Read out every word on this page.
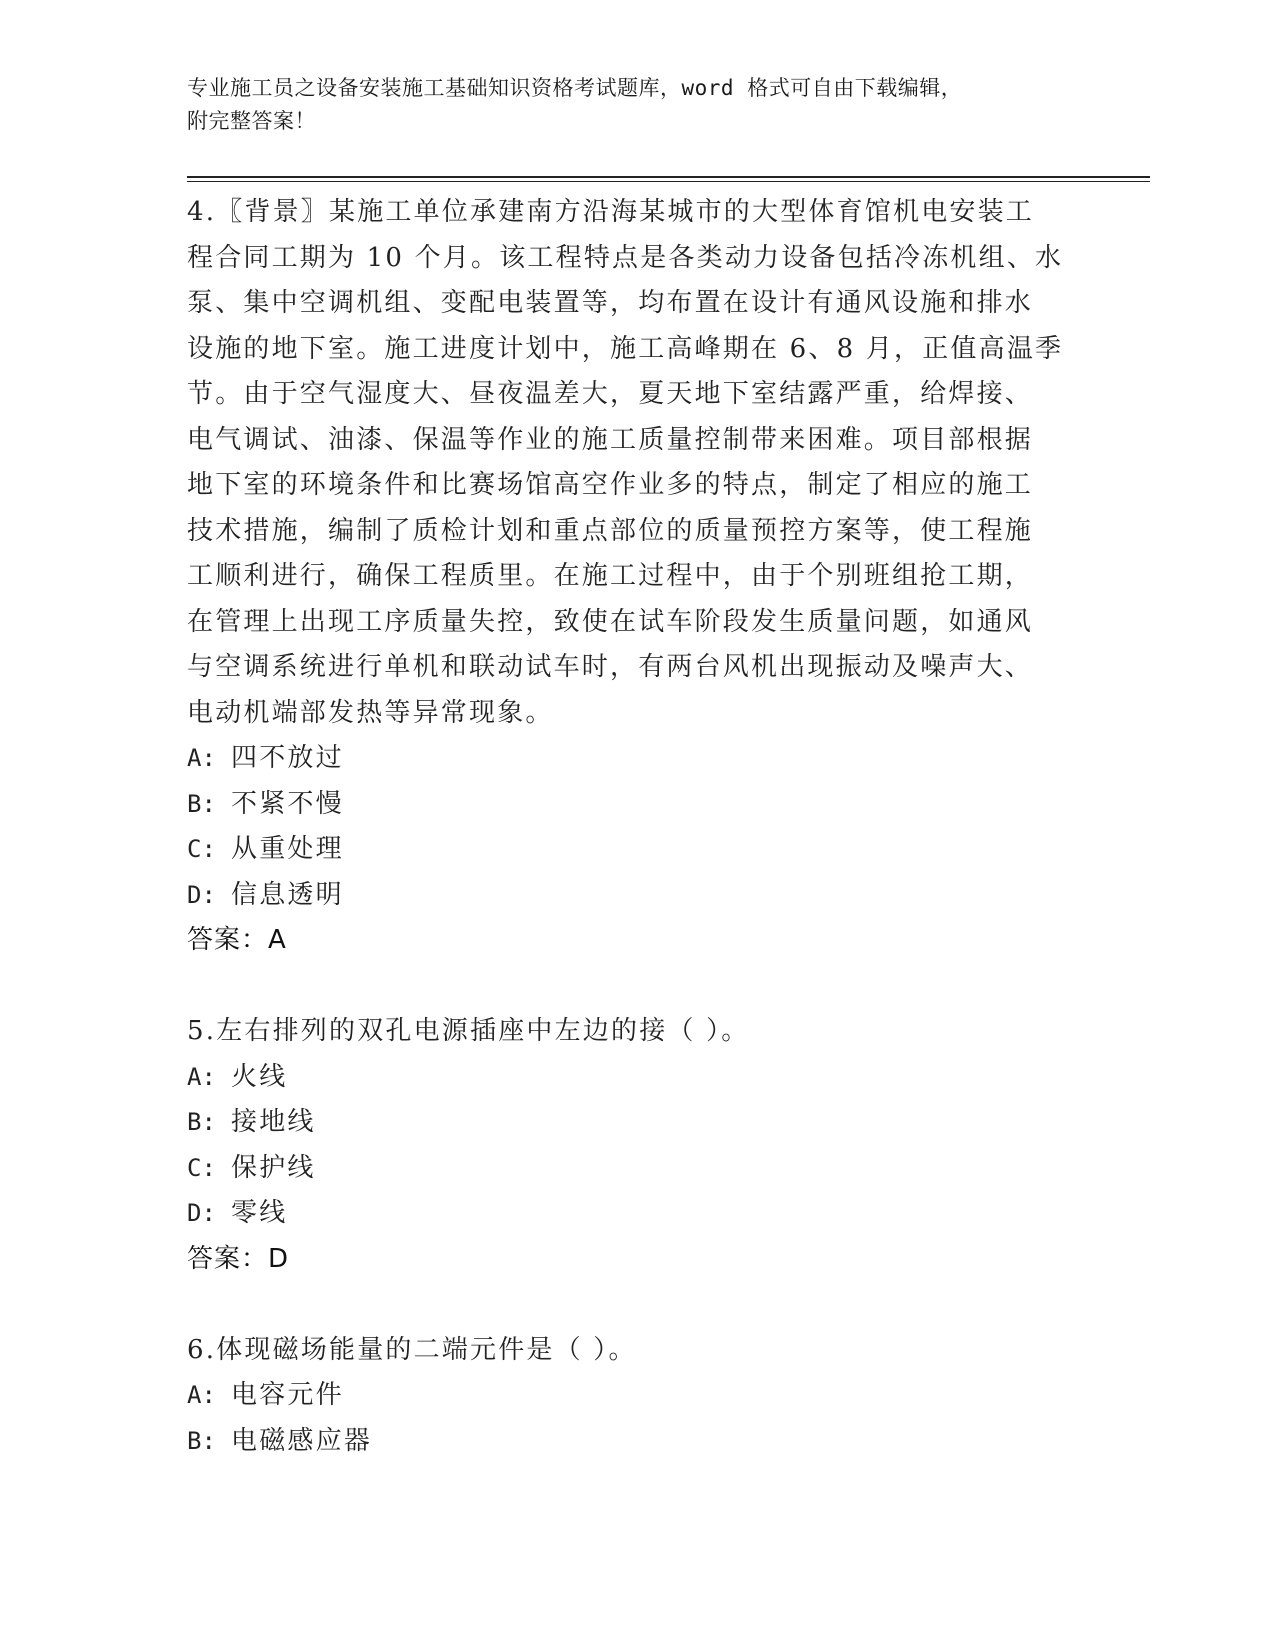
专业施工员之设备安装施工基础知识资格考试题库，word 格式可自由下载编辑，
附完整答案！

4.〖背景〗某施工单位承建南方沿海某城市的大型体育馆机电安装工

程合同工期为 10 个月。该工程特点是各类动力设备包括冷冻机组、水

泵、集中空调机组、变配电装置等，均布置在设计有通风设施和排水

设施的地下室。施工进度计划中，施工高峰期在 6、8 月，正值高温季

节。由于空气湿度大、昼夜温差大，夏天地下室结露严重，给焊接、

电气调试、油漆、保温等作业的施工质量控制带来困难。项目部根据

地下室的环境条件和比赛场馆高空作业多的特点，制定了相应的施工

技术措施，编制了质检计划和重点部位的质量预控方案等，使工程施

工顺利进行，确保工程质里。在施工过程中，由于个别班组抢工期，

在管理上出现工序质量失控，致使在试车阶段发生质量问题，如通风

与空调系统进行单机和联动试车时，有两台风机出现振动及噪声大、

电动机端部发热等异常现象。

A: 四不放过

B: 不紧不慢

C: 从重处理

D: 信息透明

答案：A

5.左右排列的双孔电源插座中左边的接（ ）。

A: 火线

B: 接地线

C: 保护线

D: 零线

答案：D

6.体现磁场能量的二端元件是（ ）。

A: 电容元件

B: 电磁感应器
